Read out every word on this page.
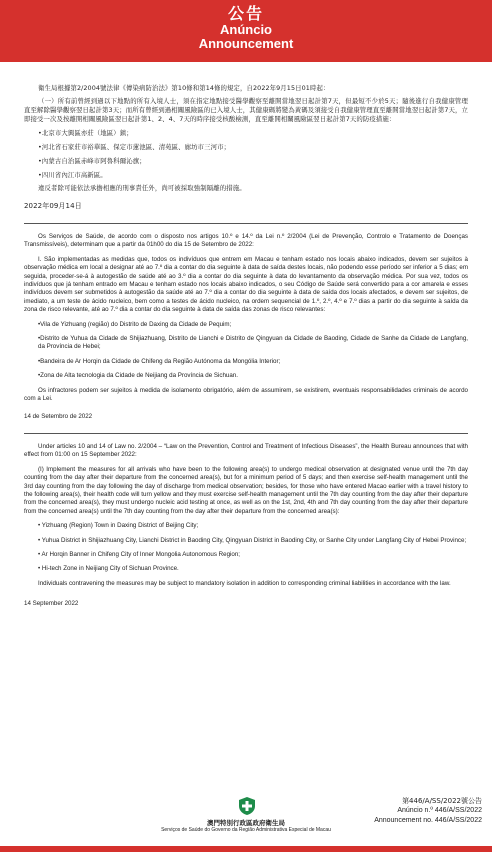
公告
Anúncio
Announcement

衛生局根據第2/2004號法律《傳染病防治法》第10條和第14條的規定，自2022年9月15日01時起：

（一）所有前曾經到過以下地點的所有入境人士，須在指定地點接受醫學觀察至離開當地翌日起計第7天，但最短不少於5天；隨後進行自我健康管理直至解除醫學觀察翌日起計第3天；而所有曾經到過相關風險區的已入境人士，其健康碼將變為黃碼及須接受自我健康管理直至離開當地翌日起計第7天，立即接受一次及按離開相關風險區翌日起計第1、2、4、7天的時序接受核酸檢測，直至離開相關風險區翌日起計第7天的防疫措施：

•北京市大興區亦莊（地區）鎮；

•河北省石家莊市裕華區、保定市蓮池區、清苑區、廊坊市三河市；

•內蒙古自治區赤峰市阿魯科爾沁旗；

•四川省內江市高新區。

違反者除可能依法承擔相應的刑事責任外，尚可被採取強制隔離的措施。

2022年09月14日

Os Serviços de Saúde, de acordo com o disposto nos artigos 10.º e 14.º da Lei n.º 2/2004 (Lei de Prevenção, Controlo e Tratamento de Doenças Transmissíveis), determinam que a partir da 01h00 do dia 15 de Setembro de 2022:

I. São implementadas as medidas que, todos os indivíduos que entrem em Macau e tenham estado nos locais abaixo indicados, devem ser sujeitos à observação médica em local a designar até ao 7.º dia a contar do dia seguinte à data de saída destes locais, não podendo esse período ser inferior a 5 dias; em seguida, proceder-se-á à autogestão de saúde até ao 3.º dia a contar do dia seguinte à data do levantamento da observação médica. Por sua vez, todos os indivíduos que já tenham entrado em Macau e tenham estado nos locais abaixo indicados, o seu Código de Saúde será convertido para a cor amarela e esses indivíduos devem ser submetidos à autogestão da saúde até ao 7.º dia a contar do dia seguinte à data de saída dos locais afectados, e devem ser sujeitos, de imediato, a um teste de ácido nucleico, bem como a testes de ácido nucleico, na ordem sequencial de 1.º, 2.º, 4.º e 7.º dias a partir do dia seguinte à saída da zona de risco relevante, até ao 7.º dia a contar do dia seguinte à data de saída das zonas de risco relevantes:

•Vila de Yizhuang (região) do Distrito de Daxing da Cidade de Pequim;

•Distrito de Yuhua da Cidade de Shijiazhuang, Distrito de Lianchi e Distrito de Qingyuan da Cidade de Baoding, Cidade de Sanhe da Cidade de Langfang, da Província de Hebei;

•Bandeira de Ar Horqin da Cidade de Chifeng da Região Autónoma da Mongólia Interior;

•Zona de Alta tecnologia da Cidade de Neijiang da Província de Sichuan.

Os infractores podem ser sujeitos à medida de isolamento obrigatório, além de assumirem, se existirem, eventuais responsabilidades criminais de acordo com a Lei.

14 de Setembro de 2022

Under articles 10 and 14 of Law no. 2/2004 – “Law on the Prevention, Control and Treatment of Infectious Diseases”, the Health Bureau announces that with effect from 01:00 on 15 September 2022:

(I) Implement the measures for all arrivals who have been to the following area(s) to undergo medical observation at designated venue until the 7th day counting from the day after their departure from the concerned area(s), but for a minimum period of 5 days; and then exercise self-health management until the 3rd day counting from the day following the day of discharge from medical observation; besides, for those who have entered Macao earlier with a travel history to the following area(s), their health code will turn yellow and they must exercise self-health management until the 7th day counting from the day after their departure from the concerned area(s), they must undergo nucleic acid testing at once, as well as on the 1st, 2nd, 4th and 7th day counting from the day after their departure from the concerned area(s) until the 7th day counting from the day after their departure from the concerned area(s):

• Yizhuang (Region) Town in Daxing District of Beijing City;

• Yuhua District in Shijiazhuang City, Lianchi District in Baoding City, Qingyuan District in Baoding City, or Sanhe City under Langfang City of Hebei Province;

• Ar Horqin Banner in Chifeng City of Inner Mongolia Autonomous Region;

• Hi-tech Zone in Neijiang City of Sichuan Province.

Individuals contravening the measures may be subject to mandatory isolation in addition to corresponding criminal liabilities in accordance with the law.

14 September 2022

澳門特別行政區政府衛生局
Serviços de Saúde do Governo da Região Administrativa Especial de Macau
第446/A/SS/2022號公告
Anúncio n.º 446/A/SS/2022
Announcement no. 446/A/SS/2022
